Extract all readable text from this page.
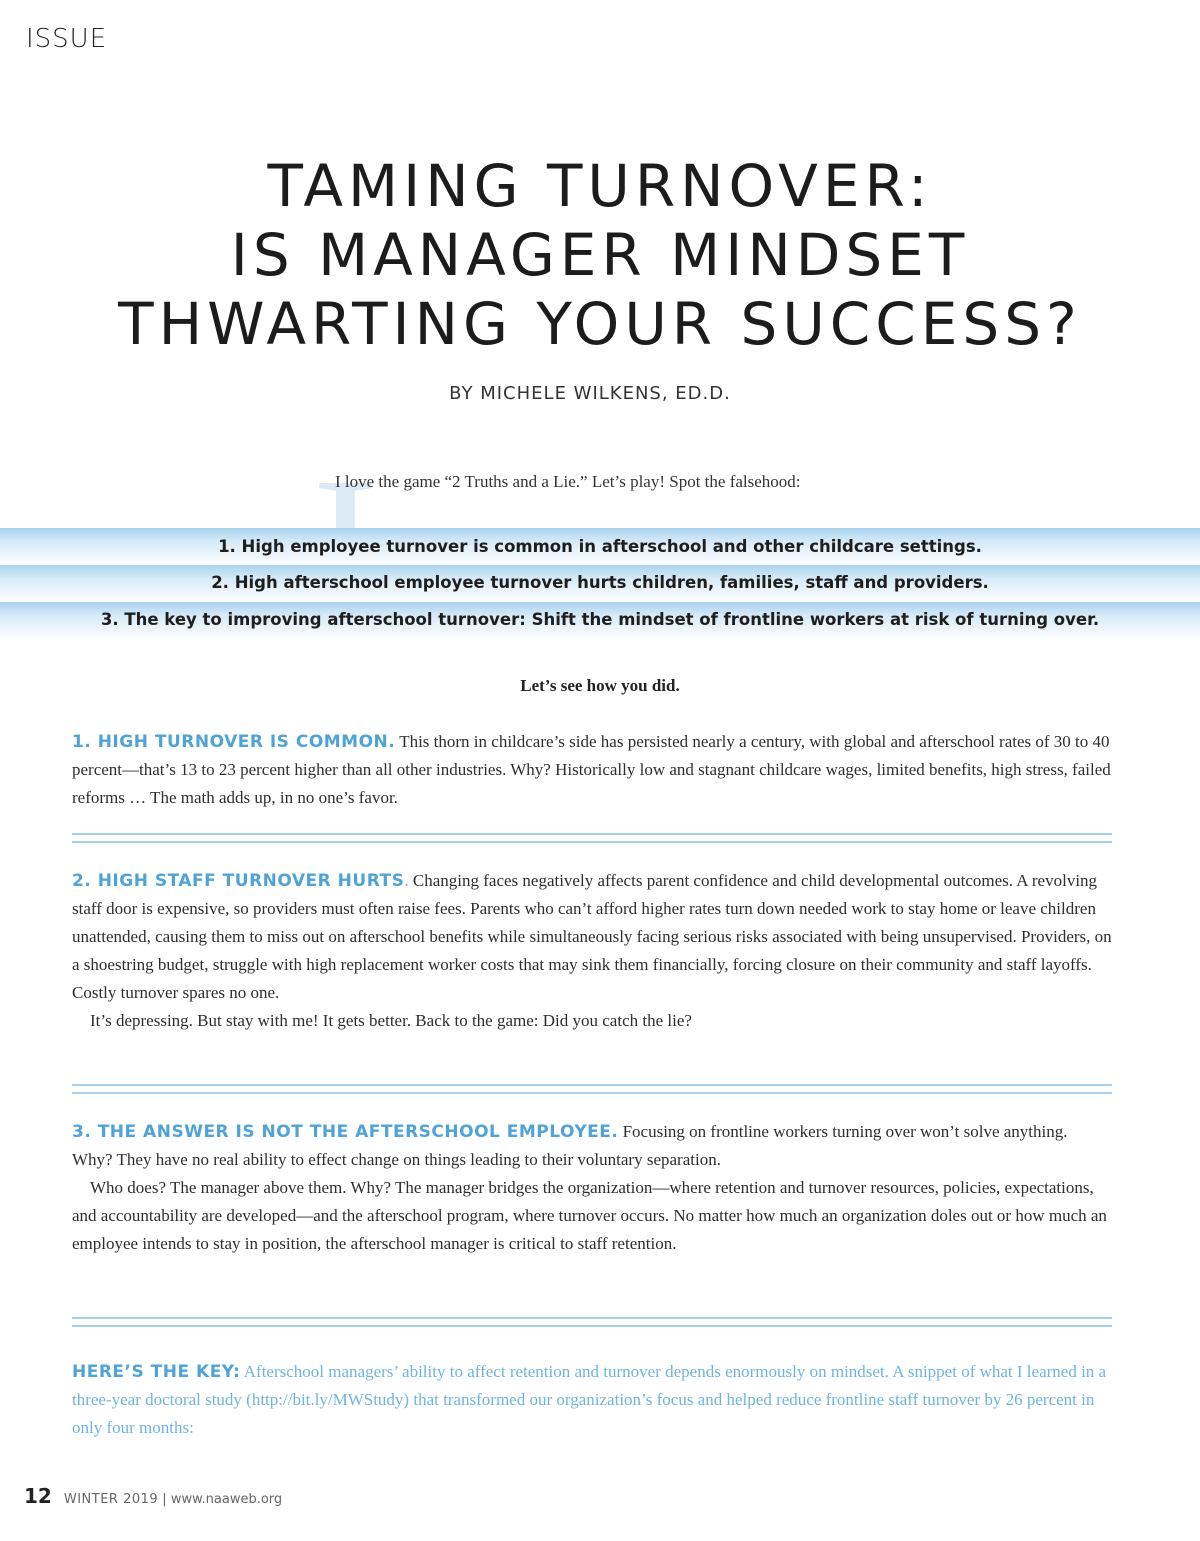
ISSUE
TAMING TURNOVER:
IS MANAGER MINDSET
THWARTING YOUR SUCCESS?
BY MICHELE WILKENS, ED.D.
I love the game “2 Truths and a Lie.” Let’s play! Spot the falsehood:
1. High employee turnover is common in afterschool and other childcare settings.
2. High afterschool employee turnover hurts children, families, staff and providers.
3. The key to improving afterschool turnover: Shift the mindset of frontline workers at risk of turning over.
Let’s see how you did.

1. HIGH TURNOVER IS COMMON. This thorn in childcare’s side has persisted nearly a century, with global and afterschool rates of 30 to 40 percent—that’s 13 to 23 percent higher than all other industries. Why? Historically low and stagnant childcare wages, limited benefits, high stress, failed reforms … The math adds up, in no one’s favor.

2. HIGH STAFF TURNOVER HURTS. Changing faces negatively affects parent confidence and child developmental outcomes. A revolving staff door is expensive, so providers must often raise fees. Parents who can’t afford higher rates turn down needed work to stay home or leave children unattended, causing them to miss out on afterschool benefits while simultaneously facing serious risks associated with being unsupervised. Providers, on a shoestring budget, struggle with high replacement worker costs that may sink them financially, forcing closure on their community and staff layoffs. Costly turnover spares no one.

It’s depressing. But stay with me! It gets better. Back to the game: Did you catch the lie?

3. THE ANSWER IS NOT THE AFTERSCHOOL EMPLOYEE. Focusing on frontline workers turning over won’t solve anything. Why? They have no real ability to effect change on things leading to their voluntary separation.

Who does? The manager above them. Why? The manager bridges the organization—where retention and turnover resources, policies, expectations, and accountability are developed—and the afterschool program, where turnover occurs. No matter how much an organization doles out or how much an employee intends to stay in position, the afterschool manager is critical to staff retention.

HERE’S THE KEY: Afterschool managers’ ability to affect retention and turnover depends enormously on mindset. A snippet of what I learned in a three-year doctoral study (http://bit.ly/MWStudy) that transformed our organization’s focus and helped reduce frontline staff turnover by 26 percent in only four months:

12 WINTER 2019 | www.naaweb.org
